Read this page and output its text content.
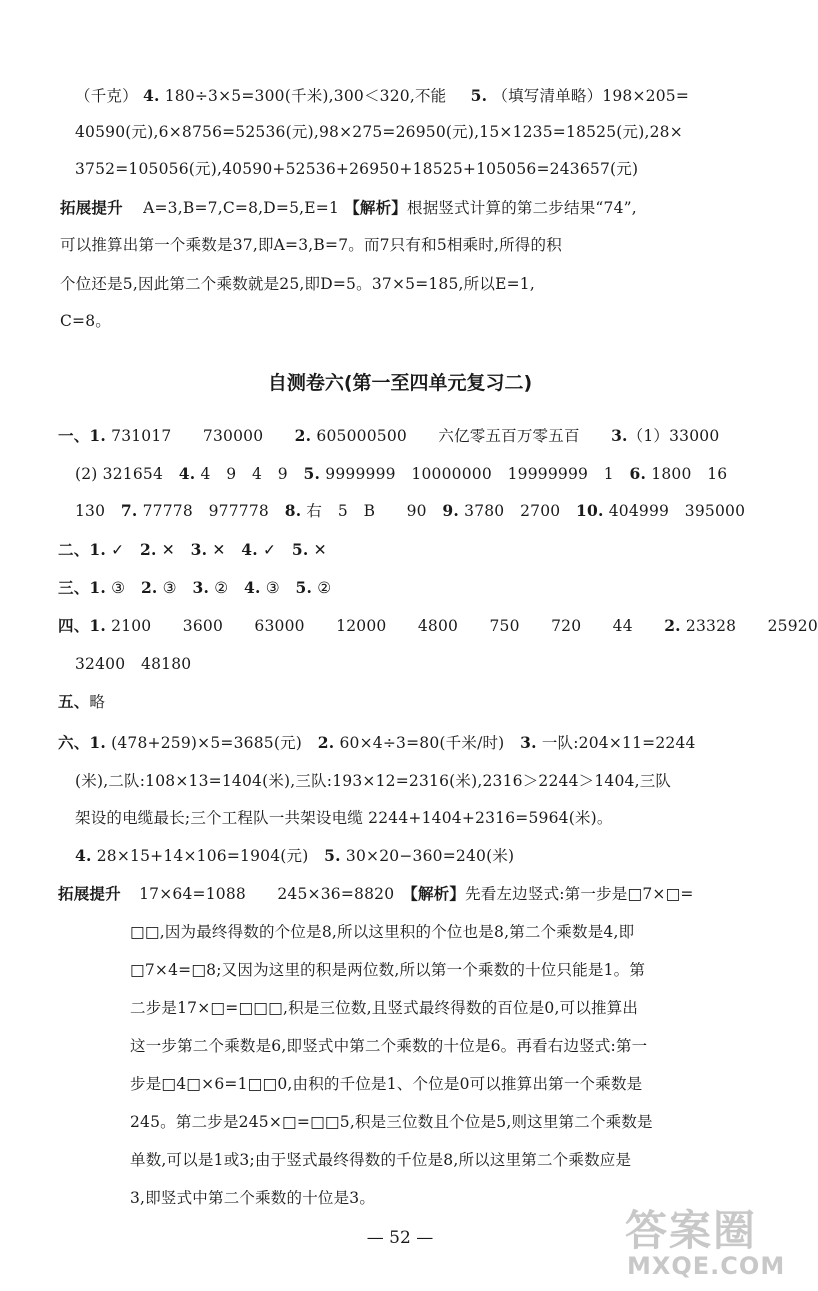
（千克） 4. 180÷3×5=300(千米),300＜320,不能 5. （填写清单略）198×205=
40590(元),6×8756=52536(元),98×275=26950(元),15×1235=18525(元),28×
3752=105056(元),40590+52536+26950+18525+105056=243657(元)
拓展提升 A=3,B=7,C=8,D=5,E=1 【解析】根据竖式计算的第二步结果“74”,
可以推算出第一个乘数是37,即A=3,B=7。而7只有和5相乘时,所得的积
个位还是5,因此第二个乘数就是25,即D=5。37×5=185,所以E=1,
C=8。
自测卷六(第一至四单元复习二)
一、1. 731017　　730000　　2. 605000500　　六亿零五百万零五百　　3.（1）33000
(2) 321654　4. 4　9　4　9　5. 9999999　10000000　19999999　1　6. 1800　16
130　7. 77778　977778　8. 右　5　B　　90　9. 3780　2700　10. 404999　395000
二、1. ✓　2. ✕　3. ✕　4. ✓　5. ✕
三、1. ③　2. ③　3. ②　4. ③　5. ②
四、1. 2100　　3600　　63000　　12000　　4800　　750　　720　　44　　2. 23328　　25920
32400　48180
五、略
六、1. (478+259)×5=3685(元)　2. 60×4÷3=80(千米/时)　3. 一队:204×11=2244
(米),二队:108×13=1404(米),三队:193×12=2316(米),2316＞2244＞1404,三队
架设的电缆最长;三个工程队一共架设电缆 2244+1404+2316=5964(米)。
4. 28×15+14×106=1904(元)　5. 30×20−360=240(米)
拓展提升 17×64=1088　　245×36=8820　【解析】先看左边竖式:第一步是□7×□=
□□,因为最终得数的个位是8,所以这里积的个位也是8,第二个乘数是4,即
□7×4=□8;又因为这里的积是两位数,所以第一个乘数的十位只能是1。第
二步是17×□=□□□,积是三位数,且竖式最终得数的百位是0,可以推算出
这一步第二个乘数是6,即竖式中第二个乘数的十位是6。再看右边竖式:第一
步是□4□×6=1□□0,由积的千位是1、个位是0可以推算出第一个乘数是
245。第二步是245×□=□□5,积是三位数且个位是5,则这里第二个乘数是
单数,可以是1或3;由于竖式最终得数的千位是8,所以这里第二个乘数应是
3,即竖式中第二个乘数的十位是3。
— 52 —	答案圈
MXQE.COM
